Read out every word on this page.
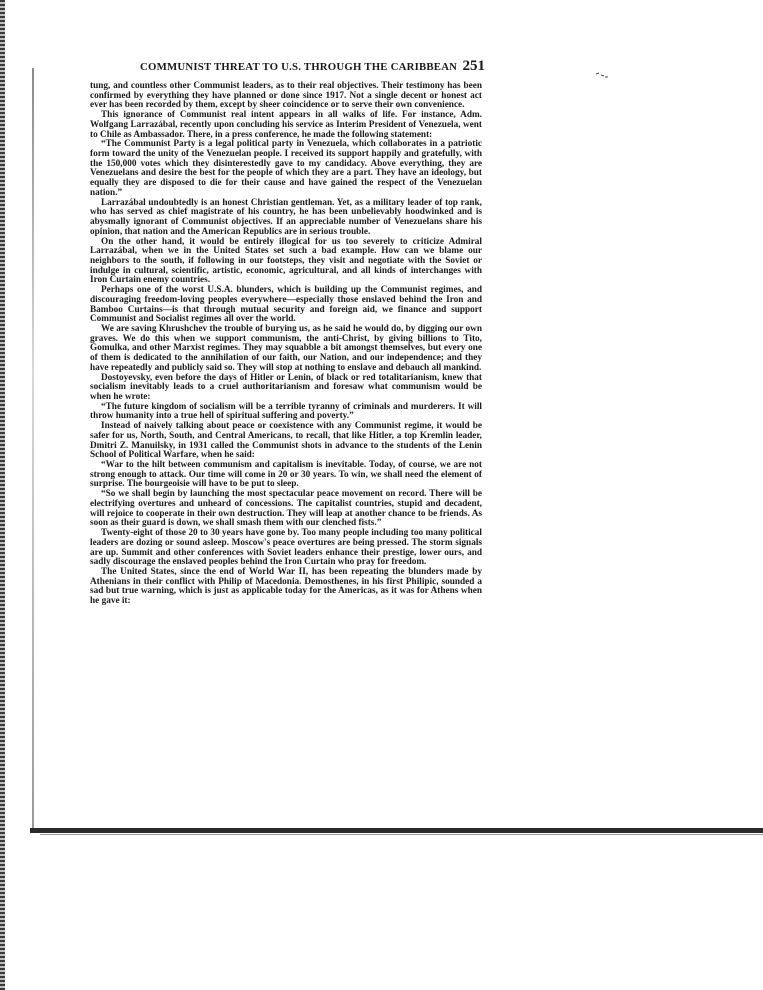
COMMUNIST THREAT TO U.S. THROUGH THE CARIBBEAN 251

tung, and countless other Communist leaders, as to their real objectives. Their testimony has been confirmed by everything they have planned or done since 1917. Not a single decent or honest act ever has been recorded by them, except by sheer coincidence or to serve their own convenience.

This ignorance of Communist real intent appears in all walks of life. For instance, Adm. Wolfgang Larrazábal, recently upon concluding his service as Interim President of Venezuela, went to Chile as Ambassador. There, in a press conference, he made the following statement:

“The Communist Party is a legal political party in Venezuela, which collaborates in a patriotic form toward the unity of the Venezuelan people. I received its support happily and gratefully, with the 150,000 votes which they disinterestedly gave to my candidacy. Above everything, they are Venezuelans and desire the best for the people of which they are a part. They have an ideology, but equally they are disposed to die for their cause and have gained the respect of the Venezuelan nation.”

Larrazábal undoubtedly is an honest Christian gentleman. Yet, as a military leader of top rank, who has served as chief magistrate of his country, he has been unbelievably hoodwinked and is abysmally ignorant of Communist objectives. If an appreciable number of Venezuelans share his opinion, that nation and the American Republics are in serious trouble.

On the other hand, it would be entirely illogical for us too severely to criticize Admiral Larrazábal, when we in the United States set such a bad example. How can we blame our neighbors to the south, if following in our footsteps, they visit and negotiate with the Soviet or indulge in cultural, scientific, artistic, economic, agricultural, and all kinds of interchanges with Iron Curtain enemy countries.

Perhaps one of the worst U.S.A. blunders, which is building up the Communist regimes, and discouraging freedom-loving peoples everywhere—especially those enslaved behind the Iron and Bamboo Curtains—is that through mutual security and foreign aid, we finance and support Communist and Socialist regimes all over the world.

We are saving Khrushchev the trouble of burying us, as he said he would do, by digging our own graves. We do this when we support communism, the anti-Christ, by giving billions to Tito, Gomulka, and other Marxist regimes. They may squabble a bit amongst themselves, but every one of them is dedicated to the annihilation of our faith, our Nation, and our independence; and they have repeatedly and publicly said so. They will stop at nothing to enslave and debauch all mankind.

Dostoyevsky, even before the days of Hitler or Lenin, of black or red totalitarianism, knew that socialism inevitably leads to a cruel authoritarianism and foresaw what communism would be when he wrote:

“The future kingdom of socialism will be a terrible tyranny of criminals and murderers. It will throw humanity into a true hell of spiritual suffering and poverty.”

Instead of naively talking about peace or coexistence with any Communist regime, it would be safer for us, North, South, and Central Americans, to recall, that like Hitler, a top Kremlin leader, Dmitri Z. Manuilsky, in 1931 called the Communist shots in advance to the students of the Lenin School of Political Warfare, when he said:

“War to the hilt between communism and capitalism is inevitable. Today, of course, we are not strong enough to attack. Our time will come in 20 or 30 years. To win, we shall need the element of surprise. The bourgeoisie will have to be put to sleep.

“So we shall begin by launching the most spectacular peace movement on record. There will be electrifying overtures and unheard of concessions. The capitalist countries, stupid and decadent, will rejoice to cooperate in their own destruction. They will leap at another chance to be friends. As soon as their guard is down, we shall smash them with our clenched fists.”

Twenty-eight of those 20 to 30 years have gone by. Too many people including too many political leaders are dozing or sound asleep. Moscow's peace overtures are being pressed. The storm signals are up. Summit and other conferences with Soviet leaders enhance their prestige, lower ours, and sadly discourage the enslaved peoples behind the Iron Curtain who pray for freedom.

The United States, since the end of World War II, has been repeating the blunders made by Athenians in their conflict with Philip of Macedonia. Demosthenes, in his first Philipic, sounded a sad but true warning, which is just as applicable today for the Americas, as it was for Athens when he gave it:
